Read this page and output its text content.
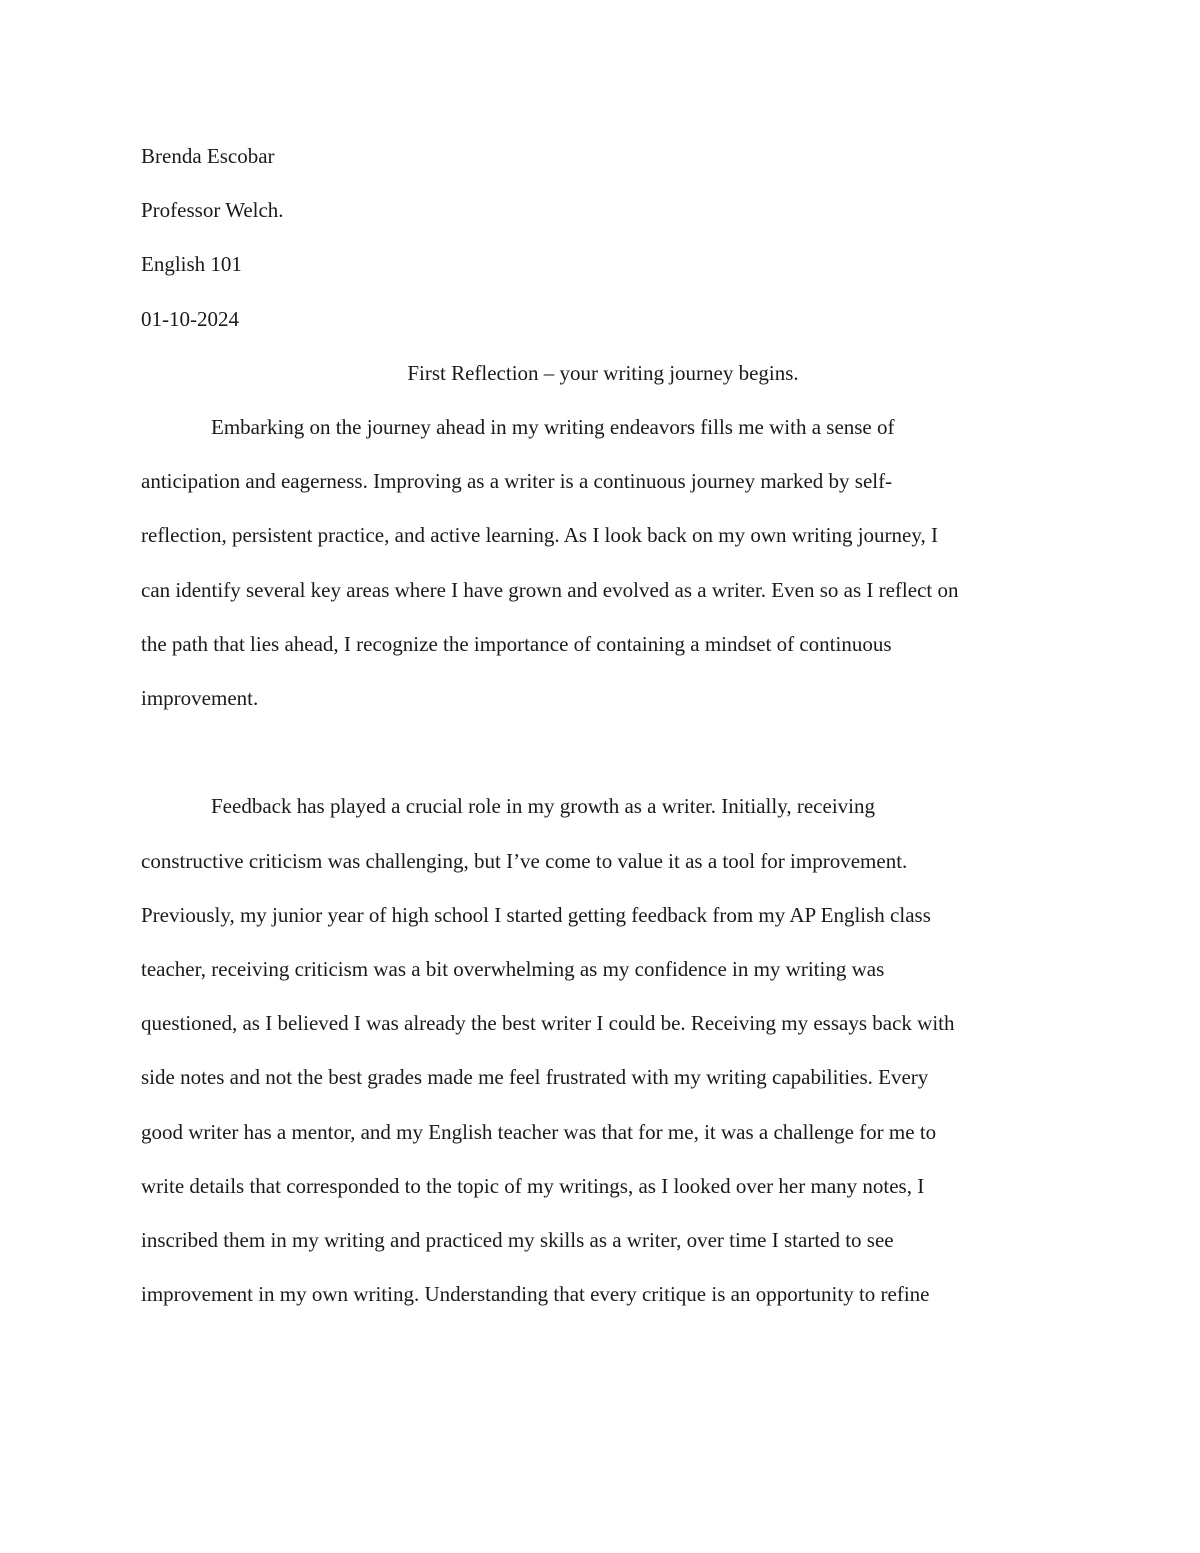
Brenda Escobar

Professor Welch.

English 101

01-10-2024

First Reflection – your writing journey begins.

Embarking on the journey ahead in my writing endeavors fills me with a sense of
anticipation and eagerness. Improving as a writer is a continuous journey marked by self-
reflection, persistent practice, and active learning. As I look back on my own writing journey, I
can identify several key areas where I have grown and evolved as a writer. Even so as I reflect on
the path that lies ahead, I recognize the importance of containing a mindset of continuous
improvement.
Feedback has played a crucial role in my growth as a writer. Initially, receiving
constructive criticism was challenging, but I’ve come to value it as a tool for improvement.
Previously, my junior year of high school I started getting feedback from my AP English class
teacher, receiving criticism was a bit overwhelming as my confidence in my writing was
questioned, as I believed I was already the best writer I could be. Receiving my essays back with
side notes and not the best grades made me feel frustrated with my writing capabilities. Every
good writer has a mentor, and my English teacher was that for me, it was a challenge for me to
write details that corresponded to the topic of my writings, as I looked over her many notes, I
inscribed them in my writing and practiced my skills as a writer, over time I started to see
improvement in my own writing. Understanding that every critique is an opportunity to refine
